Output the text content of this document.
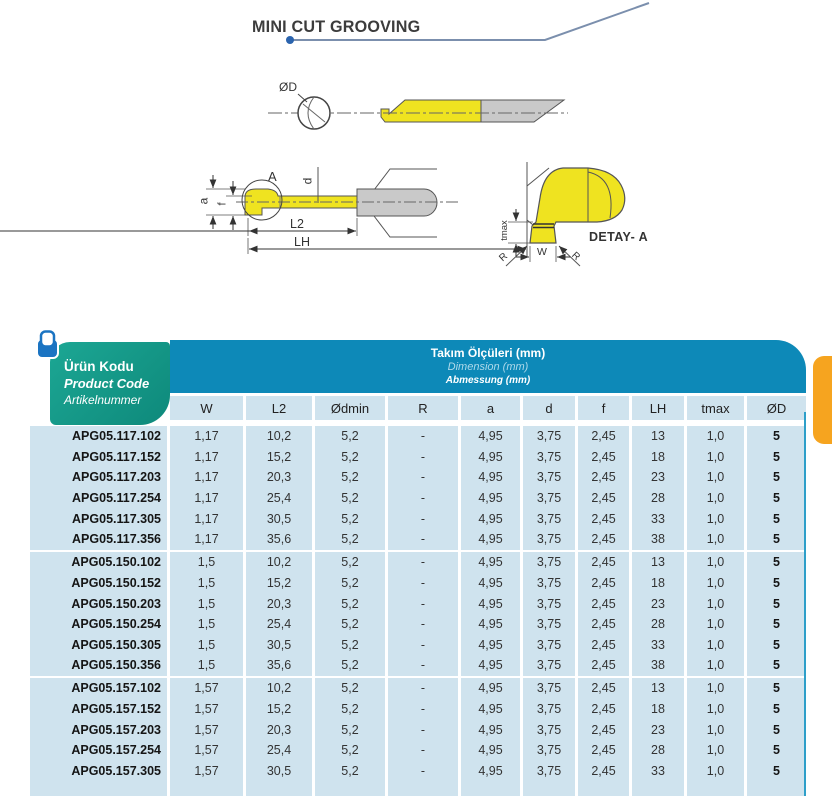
MINI CUT GROOVING
ØD
A
a f
d
L2
LH
tmax
W
R	R
DETAY- A
Takım Ölçüleri (mm)
Dimension (mm)
Abmessung (mm)
Ürün Kodu
Product Code
Artikelnummer
W	L2	Ødmin	R	a	d	f	LH	tmax	ØD
APG05.117.102	1,17	10,2	5,2	-	4,95	3,75	2,45	13	1,0	5
APG05.117.152	1,17	15,2	5,2	-	4,95	3,75	2,45	18	1,0	5
APG05.117.203	1,17	20,3	5,2	-	4,95	3,75	2,45	23	1,0	5
APG05.117.254	1,17	25,4	5,2	-	4,95	3,75	2,45	28	1,0	5
APG05.117.305	1,17	30,5	5,2	-	4,95	3,75	2,45	33	1,0	5
APG05.117.356	1,17	35,6	5,2	-	4,95	3,75	2,45	38	1,0	5
APG05.150.102	1,5	10,2	5,2	-	4,95	3,75	2,45	13	1,0	5
APG05.150.152	1,5	15,2	5,2	-	4,95	3,75	2,45	18	1,0	5
APG05.150.203	1,5	20,3	5,2	-	4,95	3,75	2,45	23	1,0	5
APG05.150.254	1,5	25,4	5,2	-	4,95	3,75	2,45	28	1,0	5
APG05.150.305	1,5	30,5	5,2	-	4,95	3,75	2,45	33	1,0	5
APG05.150.356	1,5	35,6	5,2	-	4,95	3,75	2,45	38	1,0	5
APG05.157.102	1,57	10,2	5,2	-	4,95	3,75	2,45	13	1,0	5
APG05.157.152	1,57	15,2	5,2	-	4,95	3,75	2,45	18	1,0	5
APG05.157.203	1,57	20,3	5,2	-	4,95	3,75	2,45	23	1,0	5
APG05.157.254	1,57	25,4	5,2	-	4,95	3,75	2,45	28	1,0	5
APG05.157.305	1,57	30,5	5,2	-	4,95	3,75	2,45	33	1,0	5
